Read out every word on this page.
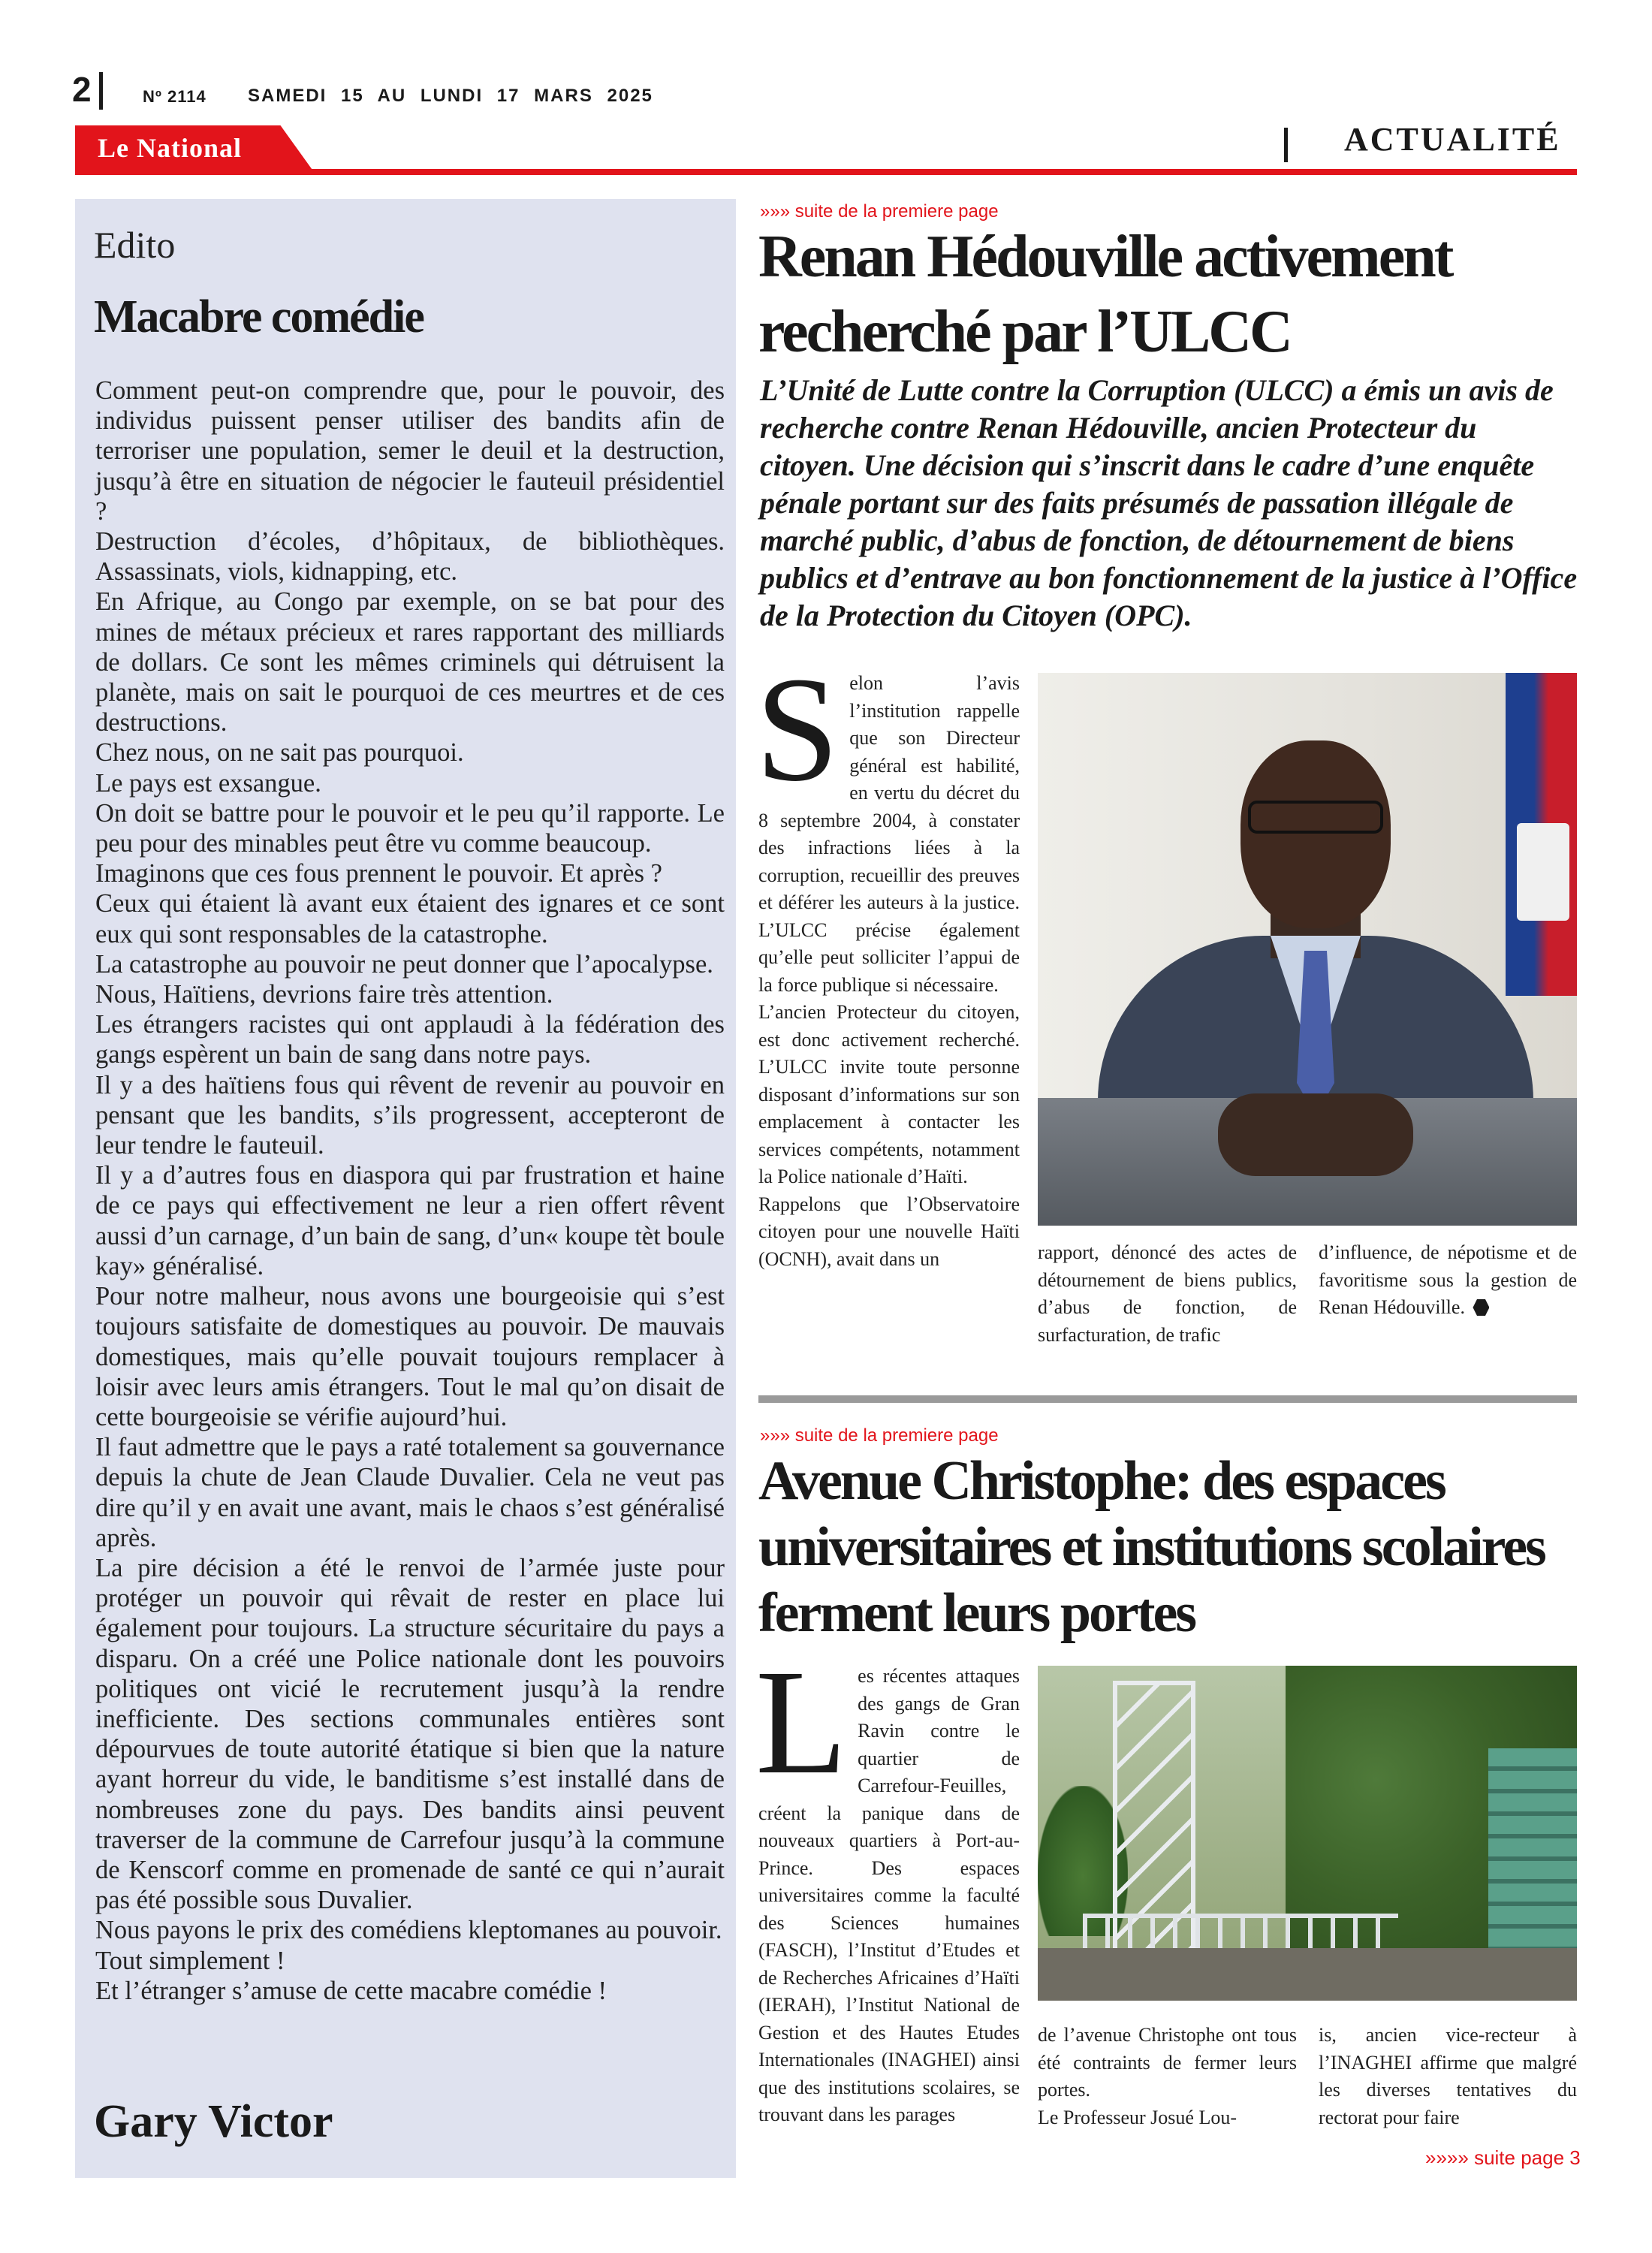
2	Nº 2114 SAMEDI 15 AU LUNDI 17 MARS 2025
Le National	ACTUALITÉ
Edito
Macabre comédie

Comment peut-on comprendre que, pour le pouvoir, des individus puissent penser utiliser des bandits afin de terroriser une population, semer le deuil et la destruction, jusqu’à être en situation de négocier le fauteuil présidentiel ?

Destruction d’écoles, d’hôpitaux, de bibliothèques. Assassinats, viols, kidnapping, etc.

En Afrique, au Congo par exemple, on se bat pour des mines de métaux précieux et rares rapportant des milliards de dollars. Ce sont les mêmes criminels qui détruisent la planète, mais on sait le pourquoi de ces meurtres et de ces destructions.

Chez nous, on ne sait pas pourquoi.

Le pays est exsangue.

On doit se battre pour le pouvoir et le peu qu’il rapporte. Le peu pour des minables peut être vu comme beaucoup.

Imaginons que ces fous prennent le pouvoir. Et après ?

Ceux qui étaient là avant eux étaient des ignares et ce sont eux qui sont responsables de la catastrophe.

La catastrophe au pouvoir ne peut donner que l’apocalypse.

Nous, Haïtiens, devrions faire très attention.

Les étrangers racistes qui ont applaudi à la fédération des gangs espèrent un bain de sang dans notre pays.

Il y a des haïtiens fous qui rêvent de revenir au pouvoir en pensant que les bandits, s’ils progressent, accepteront de leur tendre le fauteuil.

Il y a d’autres fous en diaspora qui par frustration et haine de ce pays qui effectivement ne leur a rien offert rêvent aussi d’un carnage, d’un bain de sang, d’un« koupe tèt boule kay» généralisé.

Pour notre malheur, nous avons une bourgeoisie qui s’est toujours satisfaite de domestiques au pouvoir. De mauvais domestiques, mais qu’elle pouvait toujours remplacer à loisir avec leurs amis étrangers. Tout le mal qu’on disait de cette bourgeoisie se vérifie aujourd’hui.

Il faut admettre que le pays a raté totalement sa gouvernance depuis la chute de Jean Claude Duvalier. Cela ne veut pas dire qu’il y en avait une avant, mais le chaos s’est généralisé après.

La pire décision a été le renvoi de l’armée juste pour protéger un pouvoir qui rêvait de rester en place lui également pour toujours. La structure sécuritaire du pays a disparu. On a créé une Police nationale dont les pouvoirs politiques ont vicié le recrutement jusqu’à la rendre inefficiente. Des sections communales entières sont dépourvues de toute autorité étatique si bien que la nature ayant horreur du vide, le banditisme s’est installé dans de nombreuses zone du pays. Des bandits ainsi peuvent traverser de la commune de Carrefour jusqu’à la commune de Kenscorf comme en promenade de santé ce qui n’aurait pas été possible sous Duvalier.

Nous payons le prix des comédiens kleptomanes au pouvoir.

Tout simplement !

Et l’étranger s’amuse de cette macabre comédie !

Gary Victor
»»» suite de la premiere page
Renan Hédouville activement recherché par l’ULCC
L’Unité de Lutte contre la Corruption (ULCC) a émis un avis de recherche contre Renan Hédouville, ancien Protecteur du citoyen. Une décision qui s’inscrit dans le cadre d’une enquête pénale portant sur des faits présumés de passation illégale de marché public, d’abus de fonction, de détournement de biens publics et d’entrave au bon fonctionnement de la justice à l’Office de la Protection du Citoyen (OPC).

Selon l’avis l’institution rappelle que son Directeur général est habilité, en vertu du décret du 8 septembre 2004, à constater des infractions liées à la corruption, recueillir des preuves et déférer les auteurs à la justice. L’ULCC précise également qu’elle peut solliciter l’appui de la force publique si nécessaire.

L’ancien Protecteur du citoyen, est donc activement recherché. L’ULCC invite toute personne disposant d’informations sur son emplacement à contacter les services compétents, notamment la Police nationale d’Haïti.

Rappelons que l’Observatoire citoyen pour une nouvelle Haïti (OCNH), avait dans un	rapport, dénoncé des actes de détournement de biens publics, d’abus de fonction, de surfacturation, de trafic

d’influence, de népotisme et de favoritisme sous la gestion de Renan Hédouville.

»»» suite de la premiere page
Avenue Christophe: des espaces universitaires et institutions scolaires ferment leurs portes

Les récentes attaques des gangs de Gran Ravin contre le quartier de Carrefour-Feuilles, créent la panique dans de nouveaux quartiers à Port-au-Prince. Des espaces universitaires comme la faculté des Sciences humaines (FASCH), l’Institut d’Etudes et de Recherches Africaines d’Haïti (IERAH), l’Institut National de Gestion et des Hautes Etudes Internationales (INAGHEI) ainsi que des institutions scolaires, se trouvant dans les parages

de l’avenue Christophe ont tous été contraints de fermer leurs portes.

Le Professeur Josué Lou-

is, ancien vice-recteur à l’INAGHEI affirme que malgré les diverses tentatives du rectorat pour faire

»»»» suite page 3
